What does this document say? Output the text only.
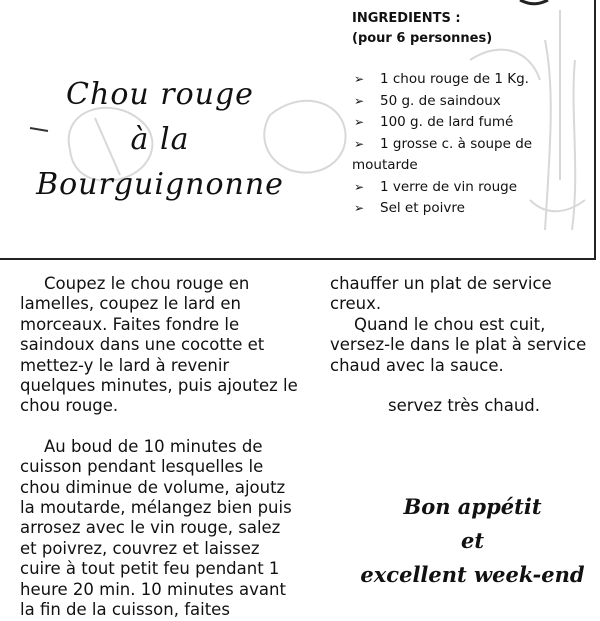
Chou rouge
à la
Bourguignonne
INGREDIENTS :
(pour 6 personnes)
➢ 1 chou rouge de 1 Kg.
➢ 50 g. de saindoux
➢ 100 g. de lard fumé
➢ 1 grosse c. à soupe de moutarde
➢ 1 verre de vin rouge
➢ Sel et poivre

Coupez le chou rouge en lamelles, coupez le lard en morceaux. Faites fondre le saindoux dans une cocotte et mettez-y le lard à revenir quelques minutes, puis ajoutez le chou rouge.

Au boud de 10 minutes de cuisson pendant lesquelles le chou diminue de volume, ajoutz la moutarde, mélangez bien puis arrosez avec le vin rouge, salez et poivrez, couvrez et laissez cuire à tout petit feu pendant 1 heure 20 min. 10 minutes avant la fin de la cuisson, faites

chauffer un plat de service creux.

Quand le chou est cuit, versez-le dans le plat à service chaud avec la sauce.

servez très chaud.

Bon appétit
et
excellent week-end
